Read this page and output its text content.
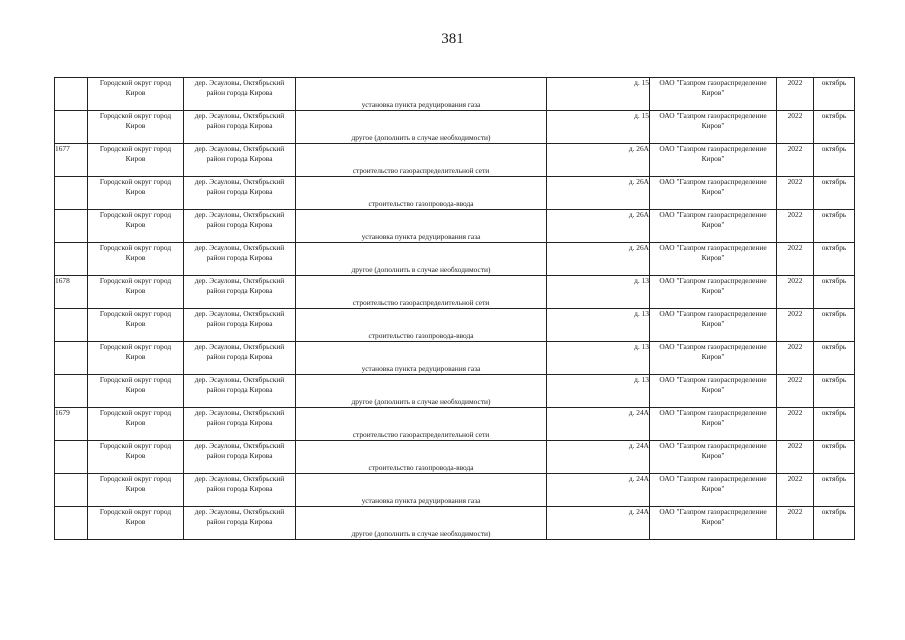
381

	Городской округ город
Киров	дер. Эсауловы, Октябрьский
район города Кирова	установка пункта редуцирования газа	д. 15	ОАО "Газпром газораспределение
Киров"	2022	октябрь

	Городской округ город
Киров	дер. Эсауловы, Октябрьский
район города Кирова	другое (дополнить в случае необходимости)	д. 15	ОАО "Газпром газораспределение
Киров"	2022	октябрь
1677	Городской округ город
Киров	дер. Эсауловы, Октябрьский
район города Кирова	строительство газораспределительной сети	д. 26А	ОАО "Газпром газораспределение
Киров"	2022	октябрь

	Городской округ город
Киров	дер. Эсауловы, Октябрьский
район города Кирова	строительство газопровода-ввода	д. 26А	ОАО "Газпром газораспределение
Киров"	2022	октябрь

	Городской округ город
Киров	дер. Эсауловы, Октябрьский
район города Кирова	установка пункта редуцирования газа	д. 26А	ОАО "Газпром газораспределение
Киров"	2022	октябрь

	Городской округ город
Киров	дер. Эсауловы, Октябрьский
район города Кирова	другое (дополнить в случае необходимости)	д. 26А	ОАО "Газпром газораспределение
Киров"	2022	октябрь
1678	Городской округ город
Киров	дер. Эсауловы, Октябрьский
район города Кирова	строительство газораспределительной сети	д. 13	ОАО "Газпром газораспределение
Киров"	2022	октябрь

	Городской округ город
Киров	дер. Эсауловы, Октябрьский
район города Кирова	строительство газопровода-ввода	д. 13	ОАО "Газпром газораспределение
Киров"	2022	октябрь

	Городской округ город
Киров	дер. Эсауловы, Октябрьский
район города Кирова	установка пункта редуцирования газа	д. 13	ОАО "Газпром газораспределение
Киров"	2022	октябрь

	Городской округ город
Киров	дер. Эсауловы, Октябрьский
район города Кирова	другое (дополнить в случае необходимости)	д. 13	ОАО "Газпром газораспределение
Киров"	2022	октябрь
1679	Городской округ город
Киров	дер. Эсауловы, Октябрьский
район города Кирова	строительство газораспределительной сети	д. 24А	ОАО "Газпром газораспределение
Киров"	2022	октябрь

	Городской округ город
Киров	дер. Эсауловы, Октябрьский
район города Кирова	строительство газопровода-ввода	д. 24А	ОАО "Газпром газораспределение
Киров"	2022	октябрь

	Городской округ город
Киров	дер. Эсауловы, Октябрьский
район города Кирова	установка пункта редуцирования газа	д. 24А	ОАО "Газпром газораспределение
Киров"	2022	октябрь

	Городской округ город
Киров	дер. Эсауловы, Октябрьский
район города Кирова	другое (дополнить в случае необходимости)	д. 24А	ОАО "Газпром газораспределение
Киров"	2022	октябрь
